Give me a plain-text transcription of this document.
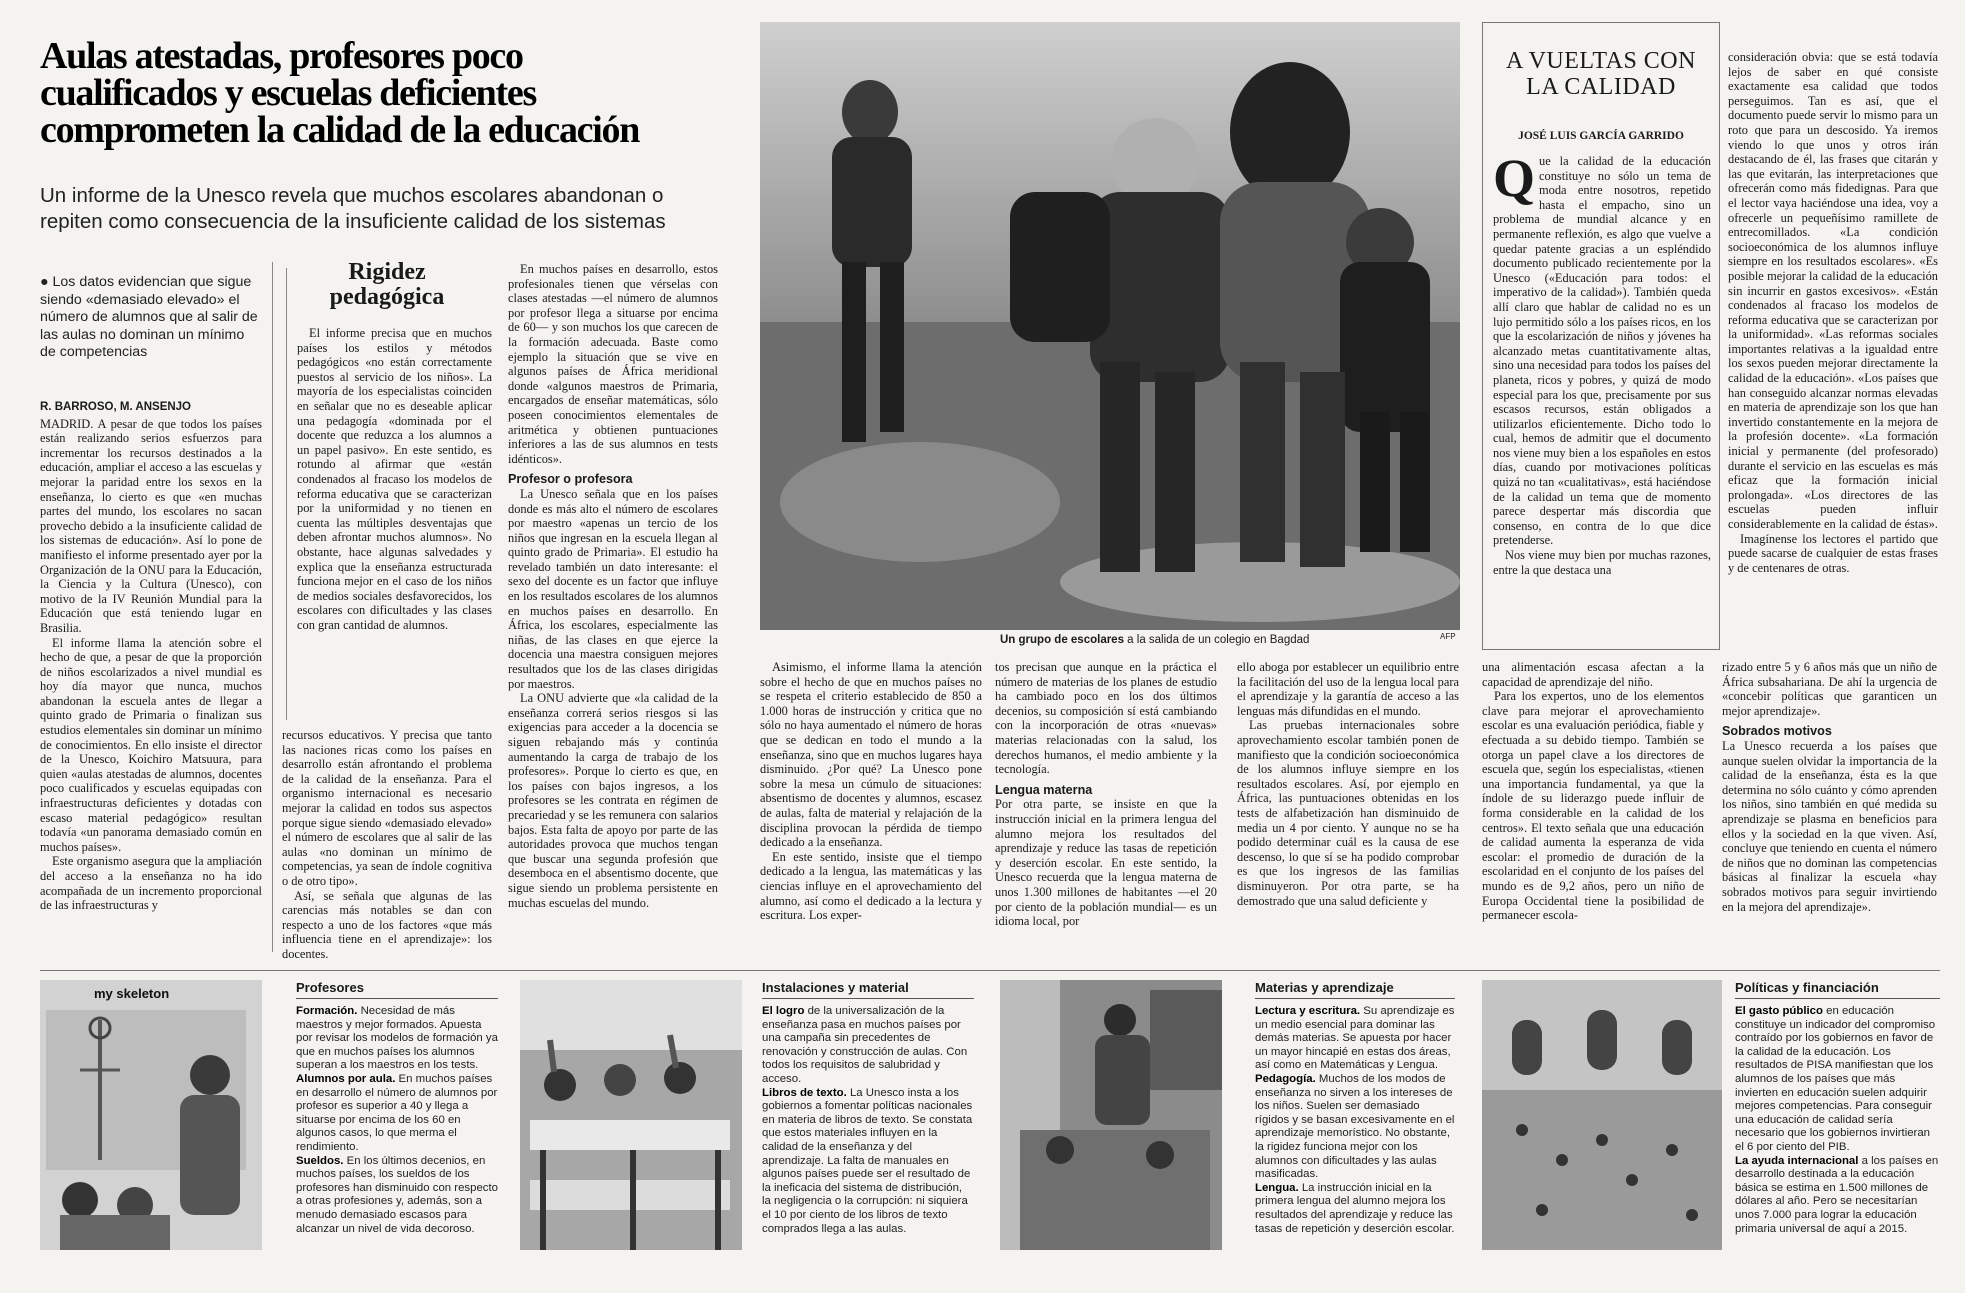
Aulas atestadas, profesores poco
cualificados y escuelas deficientes
comprometen la calidad de la educación
Un informe de la Unesco revela que muchos escolares abandonan o
repiten como consecuencia de la insuficiente calidad de los sistemas
● Los datos evidencian que sigue siendo «demasiado elevado» el número de alumnos que al salir de las aulas no dominan un mínimo de competencias

R. BARROSO, M. ANSENJO

MADRID. A pesar de que todos los países están realizando serios esfuerzos para incrementar los recursos destinados a la educación, ampliar el acceso a las escuelas y mejorar la paridad entre los sexos en la enseñanza, lo cierto es que «en muchas partes del mundo, los escolares no sacan provecho debido a la insuficiente calidad de los sistemas de educación». Así lo pone de manifiesto el informe presentado ayer por la Organización de la ONU para la Educación, la Ciencia y la Cultura (Unesco), con motivo de la IV Reunión Mundial para la Educación que está teniendo lugar en Brasilia.

El informe llama la atención sobre el hecho de que, a pesar de que la proporción de niños escolarizados a nivel mundial es hoy día mayor que nunca, muchos abandonan la escuela antes de llegar a quinto grado de Primaria o finalizan sus estudios elementales sin dominar un mínimo de conocimientos. En ello insiste el director de la Unesco, Koichiro Matsuura, para quien «aulas atestadas de alumnos, docentes poco cualificados y escuelas equipadas con infraestructuras deficientes y dotadas con escaso material pedagógico» resultan todavía «un panorama demasiado común en muchos países».

Este organismo asegura que la ampliación del acceso a la enseñanza no ha ido acompañada de un incremento proporcional de las infraestructuras y

Rigidez
pedagógica

El informe precisa que en muchos países los estilos y métodos pedagógicos «no están correctamente puestos al servicio de los niños». La mayoría de los especialistas coinciden en señalar que no es deseable aplicar una pedagogía «dominada por el docente que reduzca a los alumnos a un papel pasivo». En este sentido, es rotundo al afirmar que «están condenados al fracaso los modelos de reforma educativa que se caracterizan por la uniformidad y no tienen en cuenta las múltiples desventajas que deben afrontar muchos alumnos». No obstante, hace algunas salvedades y explica que la enseñanza estructurada funciona mejor en el caso de los niños de medios sociales desfavorecidos, los escolares con dificultades y las clases con gran cantidad de alumnos.

recursos educativos. Y precisa que tanto las naciones ricas como los países en desarrollo están afrontando el problema de la calidad de la enseñanza. Para el organismo internacional es necesario mejorar la calidad en todos sus aspectos porque sigue siendo «demasiado elevado» el número de escolares que al salir de las aulas «no dominan un mínimo de competencias, ya sean de índole cognitiva o de otro tipo».

Así, se señala que algunas de las carencias más notables se dan con respecto a uno de los factores «que más influencia tiene en el aprendizaje»: los docentes.

En muchos países en desarrollo, estos profesionales tienen que vérselas con clases atestadas —el número de alumnos por profesor llega a situarse por encima de 60— y son muchos los que carecen de la formación adecuada. Baste como ejemplo la situación que se vive en algunos países de África meridional donde «algunos maestros de Primaria, encargados de enseñar matemáticas, sólo poseen conocimientos elementales de aritmética y obtienen puntuaciones inferiores a las de sus alumnos en tests idénticos».

Profesor o profesora

La Unesco señala que en los países donde es más alto el número de escolares por maestro «apenas un tercio de los niños que ingresan en la escuela llegan al quinto grado de Primaria». El estudio ha revelado también un dato interesante: el sexo del docente es un factor que influye en los resultados escolares de los alumnos en muchos países en desarrollo. En África, los escolares, especialmente las niñas, de las clases en que ejerce la docencia una maestra consiguen mejores resultados que los de las clases dirigidas por maestros.

La ONU advierte que «la calidad de la enseñanza correrá serios riesgos si las exigencias para acceder a la docencia se siguen rebajando más y continúa aumentando la carga de trabajo de los profesores». Porque lo cierto es que, en los países con bajos ingresos, a los profesores se les contrata en régimen de precariedad y se les remunera con salarios bajos. Esta falta de apoyo por parte de las autoridades provoca que muchos tengan que buscar una segunda profesión que desemboca en el absentismo docente, que sigue siendo un problema persistente en muchas escuelas del mundo.

Un grupo de escolares a la salida de un colegio en Bagdad	AFP
A VUELTAS CON
LA CALIDAD
JOSÉ LUIS GARCÍA GARRIDO

Que la calidad de la educación constituye no sólo un tema de moda entre nosotros, repetido hasta el empacho, sino un problema de mundial alcance y en permanente reflexión, es algo que vuelve a quedar patente gracias a un espléndido documento publicado recientemente por la Unesco («Educación para todos: el imperativo de la calidad»). También queda allí claro que hablar de calidad no es un lujo permitido sólo a los países ricos, en los que la escolarización de niños y jóvenes ha alcanzado metas cuantitativamente altas, sino una necesidad para todos los países del planeta, ricos y pobres, y quizá de modo especial para los que, precisamente por sus escasos recursos, están obligados a utilizarlos eficientemente. Dicho todo lo cual, hemos de admitir que el documento nos viene muy bien a los españoles en estos días, cuando por motivaciones políticas quizá no tan «cualitativas», está haciéndose de la calidad un tema que de momento parece despertar más discordia que consenso, en contra de lo que dice pretenderse.

Nos viene muy bien por muchas razones, entre la que destaca una

consideración obvia: que se está todavía lejos de saber en qué consiste exactamente esa calidad que todos perseguimos. Tan es así, que el documento puede servir lo mismo para un roto que para un descosido. Ya iremos viendo lo que unos y otros irán destacando de él, las frases que citarán y las que evitarán, las interpretaciones que ofrecerán como más fidedignas. Para que el lector vaya haciéndose una idea, voy a ofrecerle un pequeñísimo ramillete de entrecomillados. «La condición socioeconómica de los alumnos influye siempre en los resultados escolares». «Es posible mejorar la calidad de la educación sin incurrir en gastos excesivos». «Están condenados al fracaso los modelos de reforma educativa que se caracterizan por la uniformidad». «Las reformas sociales importantes relativas a la igualdad entre los sexos pueden mejorar directamente la calidad de la educación». «Los países que han conseguido alcanzar normas elevadas en materia de aprendizaje son los que han invertido constantemente en la mejora de la profesión docente». «La formación inicial y permanente (del profesorado) durante el servicio en las escuelas es más eficaz que la formación inicial prolongada». «Los directores de las escuelas pueden influir considerablemente en la calidad de éstas».

Imagínense los lectores el partido que puede sacarse de cualquier de estas frases y de centenares de otras.

Asimismo, el informe llama la atención sobre el hecho de que en muchos países no se respeta el criterio establecido de 850 a 1.000 horas de instrucción y critica que no sólo no haya aumentado el número de horas que se dedican en todo el mundo a la enseñanza, sino que en muchos lugares haya disminuido. ¿Por qué? La Unesco pone sobre la mesa un cúmulo de situaciones: absentismo de docentes y alumnos, escasez de aulas, falta de material y relajación de la disciplina provocan la pérdida de tiempo dedicado a la enseñanza.

En este sentido, insiste que el tiempo dedicado a la lengua, las matemáticas y las ciencias influye en el aprovechamiento del alumno, así como el dedicado a la lectura y escritura. Los exper-

tos precisan que aunque en la práctica el número de materias de los planes de estudio ha cambiado poco en los dos últimos decenios, su composición sí está cambiando con la incorporación de otras «nuevas» materias relacionadas con la salud, los derechos humanos, el medio ambiente y la tecnología.

Lengua materna

Por otra parte, se insiste en que la instrucción inicial en la primera lengua del alumno mejora los resultados del aprendizaje y reduce las tasas de repetición y deserción escolar. En este sentido, la Unesco recuerda que la lengua materna de unos 1.300 millones de habitantes —el 20 por ciento de la población mundial— es un idioma local, por

ello aboga por establecer un equilibrio entre la facilitación del uso de la lengua local para el aprendizaje y la garantía de acceso a las lenguas más difundidas en el mundo.

Las pruebas internacionales sobre aprovechamiento escolar también ponen de manifiesto que la condición socioeconómica de los alumnos influye siempre en los resultados escolares. Así, por ejemplo en África, las puntuaciones obtenidas en los tests de alfabetización han disminuido de media un 4 por ciento. Y aunque no se ha podido determinar cuál es la causa de ese descenso, lo que sí se ha podido comprobar es que los ingresos de las familias disminuyeron. Por otra parte, se ha demostrado que una salud deficiente y

una alimentación escasa afectan a la capacidad de aprendizaje del niño.

Para los expertos, uno de los elementos clave para mejorar el aprovechamiento escolar es una evaluación periódica, fiable y efectuada a su debido tiempo. También se otorga un papel clave a los directores de escuela que, según los especialistas, «tienen una importancia fundamental, ya que la índole de su liderazgo puede influir de forma considerable en la calidad de los centros». El texto señala que una educación de calidad aumenta la esperanza de vida escolar: el promedio de duración de la escolaridad en el conjunto de los países del mundo es de 9,2 años, pero un niño de Europa Occidental tiene la posibilidad de permanecer escola-

rizado entre 5 y 6 años más que un niño de África subsahariana. De ahí la urgencia de «concebir políticas que garanticen un mejor aprendizaje».

Sobrados motivos

La Unesco recuerda a los países que aunque suelen olvidar la importancia de la calidad de la enseñanza, ésta es la que determina no sólo cuánto y cómo aprenden los niños, sino también en qué medida su aprendizaje se plasma en beneficios para ellos y la sociedad en la que viven. Así, concluye que teniendo en cuenta el número de niños que no dominan las competencias básicas al finalizar la escuela «hay sobrados motivos para seguir invirtiendo en la mejora del aprendizaje».

my skeleton	Profesores
Formación. Necesidad de más maestros y mejor formados. Apuesta por revisar los modelos de formación ya que en muchos países los alumnos superan a los maestros en los tests.
Alumnos por aula. En muchos países en desarrollo el número de alumnos por profesor es superior a 40 y llega a situarse por encima de los 60 en algunos casos, lo que merma el rendimiento.
Sueldos. En los últimos decenios, en muchos países, los sueldos de los profesores han disminuido con respecto a otras profesiones y, además, son a menudo demasiado escasos para alcanzar un nivel de vida decoroso.
Instalaciones y material
El logro de la universalización de la enseñanza pasa en muchos países por una campaña sin precedentes de renovación y construcción de aulas. Con todos los requisitos de salubridad y acceso.
Libros de texto. La Unesco insta a los gobiernos a fomentar políticas nacionales en materia de libros de texto. Se constata que estos materiales influyen en la calidad de la enseñanza y del aprendizaje. La falta de manuales en algunos países puede ser el resultado de la ineficacia del sistema de distribución, la negligencia o la corrupción: ni siquiera el 10 por ciento de los libros de texto comprados llega a las aulas.
Materias y aprendizaje
Lectura y escritura. Su aprendizaje es un medio esencial para dominar las demás materias. Se apuesta por hacer un mayor hincapié en estas dos áreas, así como en Matemáticas y Lengua.
Pedagogía. Muchos de los modos de enseñanza no sirven a los intereses de los niños. Suelen ser demasiado rígidos y se basan excesivamente en el aprendizaje memorístico. No obstante, la rigidez funciona mejor con los alumnos con dificultades y las aulas masificadas.
Lengua. La instrucción inicial en la primera lengua del alumno mejora los resultados del aprendizaje y reduce las tasas de repetición y deserción escolar.
Políticas y financiación
El gasto público en educación constituye un indicador del compromiso contraído por los gobiernos en favor de la calidad de la educación. Los resultados de PISA manifiestan que los alumnos de los países que más invierten en educación suelen adquirir mejores competencias. Para conseguir una educación de calidad sería necesario que los gobiernos invirtieran el 6 por ciento del PIB.
La ayuda internacional a los países en desarrollo destinada a la educación básica se estima en 1.500 millones de dólares al año. Pero se necesitarían unos 7.000 para lograr la educación primaria universal de aquí a 2015.
